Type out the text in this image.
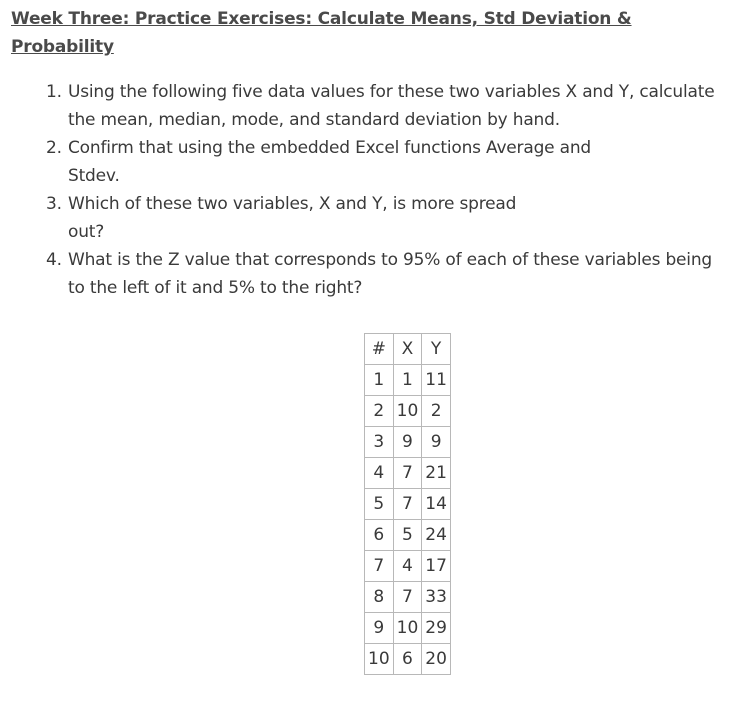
Week Three: Practice Exercises: Calculate Means, Std Deviation & Probability
1. Using the following five data values for these two variables X and Y, calculate the mean, median, mode, and standard deviation by hand.
2. Confirm that using the embedded Excel functions Average and Stdev.
3. Which of these two variables, X and Y, is more spread out?
4. What is the Z value that corresponds to 95% of each of these variables being to the left of it and 5% to the right?
#	X	Y
1	1	11
2	10	2
3	9	9
4	7	21
5	7	14
6	5	24
7	4	17
8	7	33
9	10	29
10	6	20
